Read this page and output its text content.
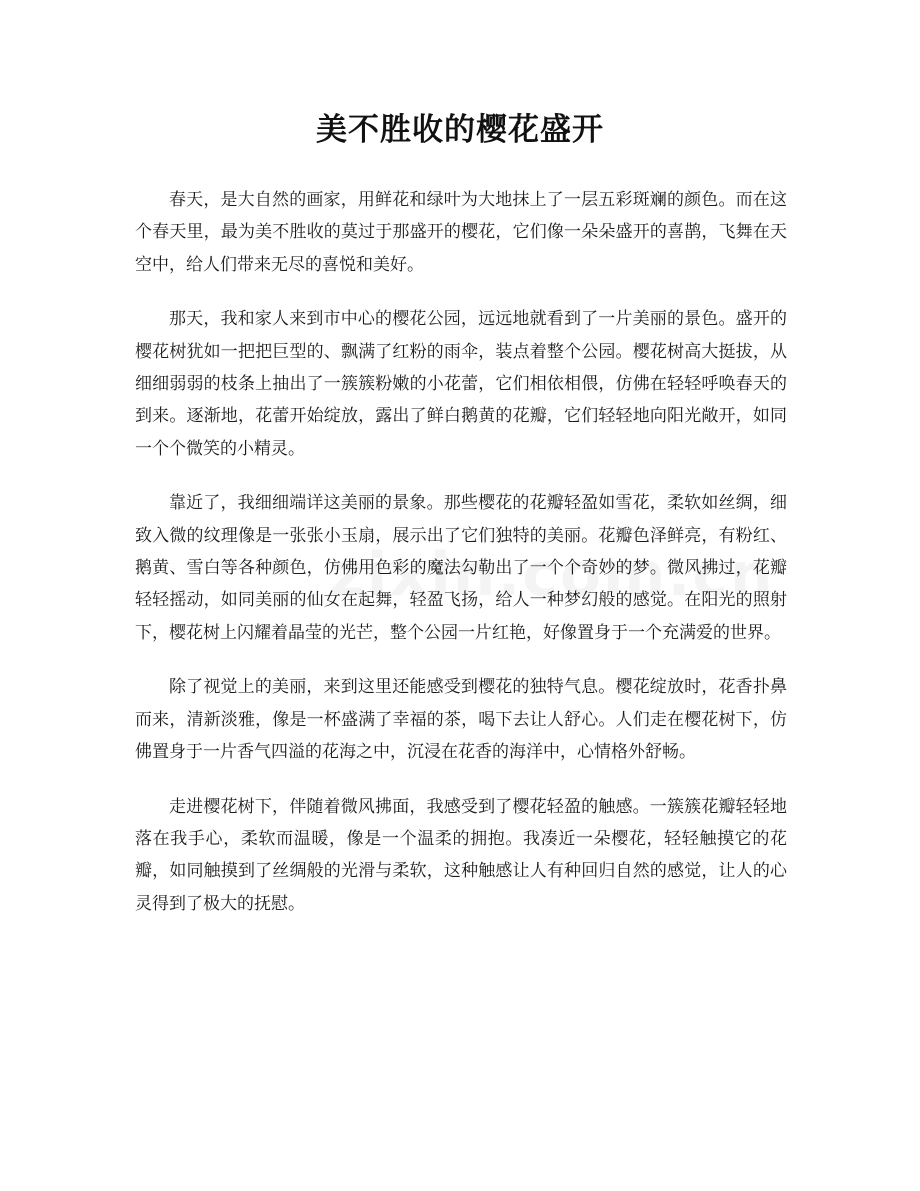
美不胜收的樱花盛开

春天，是大自然的画家，用鲜花和绿叶为大地抹上了一层五彩斑斓的颜色。而在这个春天里，最为美不胜收的莫过于那盛开的樱花，它们像一朵朵盛开的喜鹊，飞舞在天空中，给人们带来无尽的喜悦和美好。

那天，我和家人来到市中心的樱花公园，远远地就看到了一片美丽的景色。盛开的樱花树犹如一把把巨型的、飘满了红粉的雨伞，装点着整个公园。樱花树高大挺拔，从细细弱弱的枝条上抽出了一簇簇粉嫩的小花蕾，它们相依相偎，仿佛在轻轻呼唤春天的到来。逐渐地，花蕾开始绽放，露出了鲜白鹅黄的花瓣，它们轻轻地向阳光敞开，如同一个个微笑的小精灵。

靠近了，我细细端详这美丽的景象。那些樱花的花瓣轻盈如雪花，柔软如丝绸，细致入微的纹理像是一张张小玉扇，展示出了它们独特的美丽。花瓣色泽鲜亮，有粉红、鹅黄、雪白等各种颜色，仿佛用色彩的魔法勾勒出了一个个奇妙的梦。微风拂过，花瓣轻轻摇动，如同美丽的仙女在起舞，轻盈飞扬，给人一种梦幻般的感觉。在阳光的照射下，樱花树上闪耀着晶莹的光芒，整个公园一片红艳，好像置身于一个充满爱的世界。

除了视觉上的美丽，来到这里还能感受到樱花的独特气息。樱花绽放时，花香扑鼻而来，清新淡雅，像是一杯盛满了幸福的茶，喝下去让人舒心。人们走在樱花树下，仿佛置身于一片香气四溢的花海之中，沉浸在花香的海洋中，心情格外舒畅。

走进樱花树下，伴随着微风拂面，我感受到了樱花轻盈的触感。一簇簇花瓣轻轻地落在我手心，柔软而温暖，像是一个温柔的拥抱。我凑近一朵樱花，轻轻触摸它的花瓣，如同触摸到了丝绸般的光滑与柔软，这种触感让人有种回归自然的感觉，让人的心灵得到了极大的抚慰。
